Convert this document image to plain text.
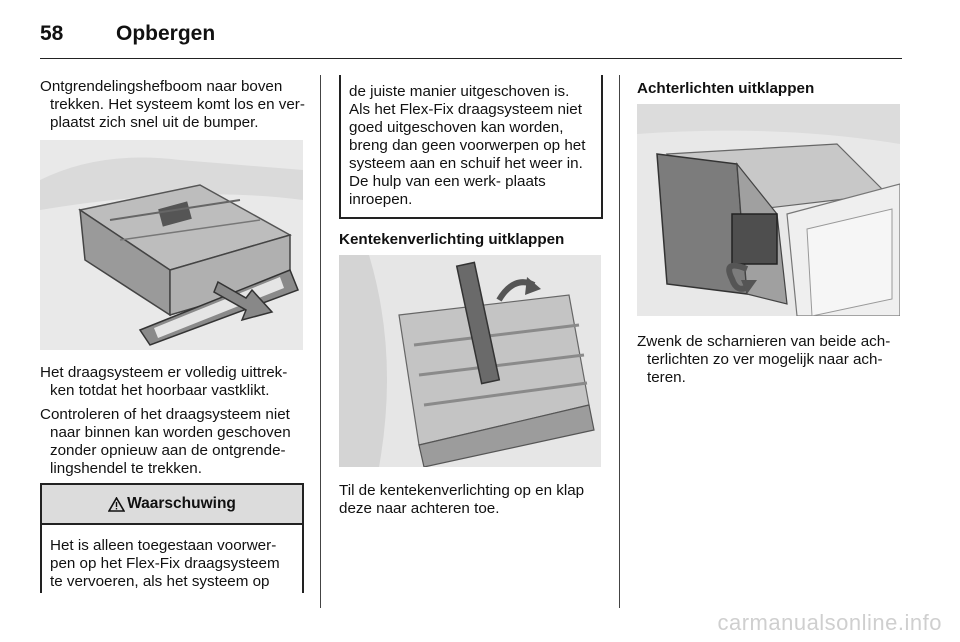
58	Opbergen

Ontgrendelingshefboom naar boven trekken. Het systeem komt los en ver- plaatst zich snel uit de bumper.

Het draagsysteem er volledig uittrek- ken totdat het hoorbaar vastklikt.

Controleren of het draagsysteem niet naar binnen kan worden geschoven zonder opnieuw aan de ontgrende- lingshendel te trekken.

Waarschuwing
Het is alleen toegestaan voorwer- pen op het Flex-Fix draagsysteem te vervoeren, als het systeem op
de juiste manier uitgeschoven is. Als het Flex-Fix draagsysteem niet goed uitgeschoven kan worden, breng dan geen voorwerpen op het systeem aan en schuif het weer in. De hulp van een werk- plaats inroepen.
Kentekenverlichting uitklappen

Til de kentekenverlichting op en klap deze naar achteren toe.

Achterlichten uitklappen

Zwenk de scharnieren van beide ach- terlichten zo ver mogelijk naar ach- teren.

carmanualsonline.info
